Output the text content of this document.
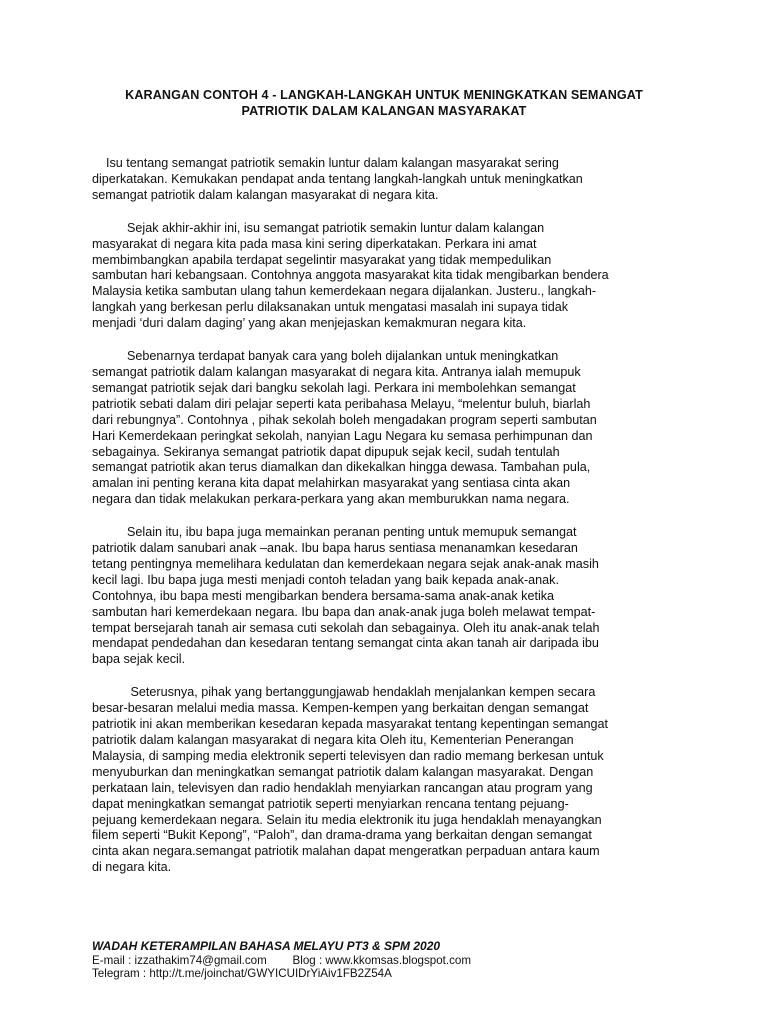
KARANGAN CONTOH 4 - LANGKAH-LANGKAH UNTUK MENINGKATKAN SEMANGAT
PATRIOTIK DALAM KALANGAN MASYARAKAT
Isu tentang semangat patriotik semakin luntur dalam kalangan masyarakat sering
diperkatakan. Kemukakan pendapat anda tentang langkah-langkah untuk meningkatkan
semangat patriotik dalam kalangan masyarakat di negara kita.
Sejak akhir-akhir ini, isu semangat patriotik semakin luntur dalam kalangan
masyarakat di negara kita pada masa kini sering diperkatakan. Perkara ini amat
membimbangkan apabila terdapat segelintir masyarakat yang tidak mempedulikan
sambutan hari kebangsaan. Contohnya anggota masyarakat kita tidak mengibarkan bendera
Malaysia ketika sambutan ulang tahun kemerdekaan negara dijalankan. Justeru., langkah-
langkah yang berkesan perlu dilaksanakan untuk mengatasi masalah ini supaya tidak
menjadi ‘duri dalam daging’ yang akan menjejaskan kemakmuran negara kita.
Sebenarnya terdapat banyak cara yang boleh dijalankan untuk meningkatkan
semangat patriotik dalam kalangan masyarakat di negara kita. Antranya ialah memupuk
semangat patriotik sejak dari bangku sekolah lagi. Perkara ini membolehkan semangat
patriotik sebati dalam diri pelajar seperti kata peribahasa Melayu, “melentur buluh, biarlah
dari rebungnya”. Contohnya , pihak sekolah boleh mengadakan program seperti sambutan
Hari Kemerdekaan peringkat sekolah, nanyian Lagu Negara ku semasa perhimpunan dan
sebagainya. Sekiranya semangat patriotik dapat dipupuk sejak kecil, sudah tentulah
semangat patriotik akan terus diamalkan dan dikekalkan hingga dewasa. Tambahan pula,
amalan ini penting kerana kita dapat melahirkan masyarakat yang sentiasa cinta akan
negara dan tidak melakukan perkara-perkara yang akan memburukkan nama negara.
Selain itu, ibu bapa juga memainkan peranan penting untuk memupuk semangat
patriotik dalam sanubari anak –anak. Ibu bapa harus sentiasa menanamkan kesedaran
tetang pentingnya memelihara kedulatan dan kemerdekaan negara sejak anak-anak masih
kecil lagi. Ibu bapa juga mesti menjadi contoh teladan yang baik kepada anak-anak.
Contohnya, ibu bapa mesti mengibarkan bendera bersama-sama anak-anak ketika
sambutan hari kemerdekaan negara. Ibu bapa dan anak-anak juga boleh melawat tempat-
tempat bersejarah tanah air semasa cuti sekolah dan sebagainya. Oleh itu anak-anak telah
mendapat pendedahan dan kesedaran tentang semangat cinta akan tanah air daripada ibu
bapa sejak kecil.
Seterusnya, pihak yang bertanggungjawab hendaklah menjalankan kempen secara
besar-besaran melalui media massa. Kempen-kempen yang berkaitan dengan semangat
patriotik ini akan memberikan kesedaran kepada masyarakat tentang kepentingan semangat
patriotik dalam kalangan masyarakat di negara kita Oleh itu, Kementerian Penerangan
Malaysia, di samping media elektronik seperti televisyen dan radio memang berkesan untuk
menyuburkan dan meningkatkan semangat patriotik dalam kalangan masyarakat. Dengan
perkataan lain, televisyen dan radio hendaklah menyiarkan rancangan atau program yang
dapat meningkatkan semangat patriotik seperti menyiarkan rencana tentang pejuang-
pejuang kemerdekaan negara. Selain itu media elektronik itu juga hendaklah menayangkan
filem seperti “Bukit Kepong”, “Paloh”, dan drama-drama yang berkaitan dengan semangat
cinta akan negara.semangat patriotik malahan dapat mengeratkan perpaduan antara kaum
di negara kita.
WADAH KETERAMPILAN BAHASA MELAYU PT3 & SPM 2020
E-mail : izzathakim74@gmail.com        Blog : www.kkomsas.blogspot.com
Telegram : http://t.me/joinchat/GWYICUIDrYiAiv1FB2Z54A
